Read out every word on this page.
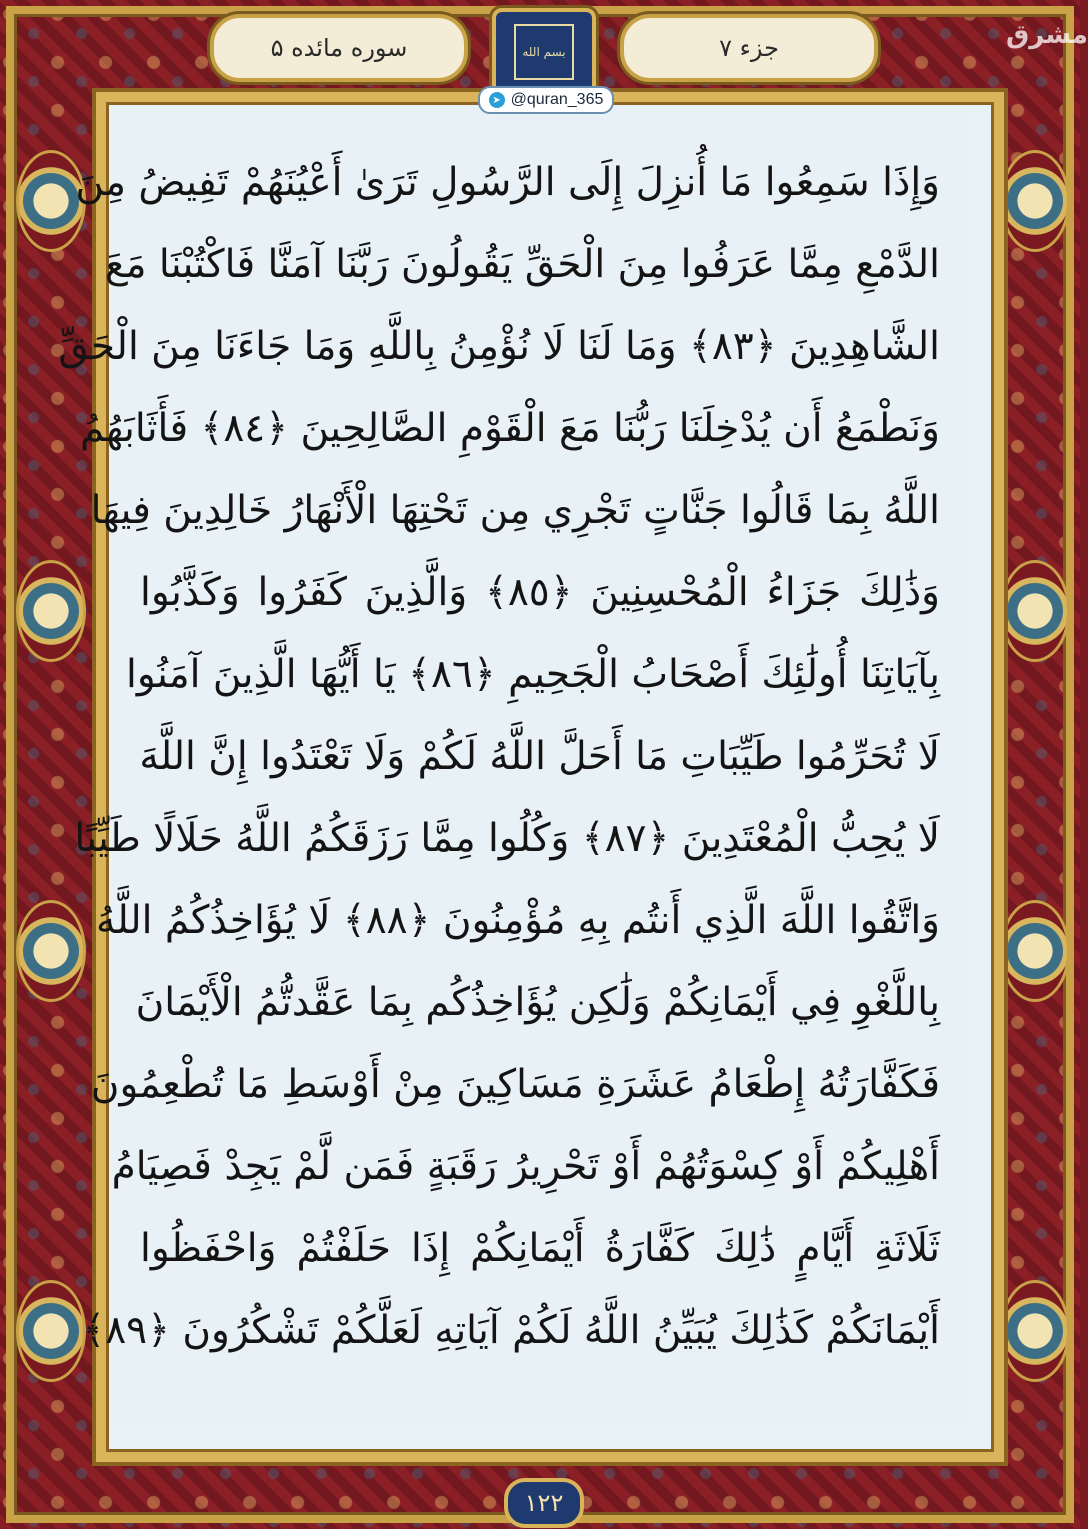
مشرق
سوره مائده ۵	بسم الله	جزء ۷
➤ @quran_365
وَإِذَا سَمِعُوا مَا أُنزِلَ إِلَى الرَّسُولِ تَرَىٰ أَعْيُنَهُمْ تَفِيضُ مِنَ
الدَّمْعِ مِمَّا عَرَفُوا مِنَ الْحَقِّ يَقُولُونَ رَبَّنَا آمَنَّا فَاكْتُبْنَا مَعَ
الشَّاهِدِينَ ﴿٨٣﴾ وَمَا لَنَا لَا نُؤْمِنُ بِاللَّهِ وَمَا جَاءَنَا مِنَ الْحَقِّ
وَنَطْمَعُ أَن يُدْخِلَنَا رَبُّنَا مَعَ الْقَوْمِ الصَّالِحِينَ ﴿٨٤﴾ فَأَثَابَهُمُ
اللَّهُ بِمَا قَالُوا جَنَّاتٍ تَجْرِي مِن تَحْتِهَا الْأَنْهَارُ خَالِدِينَ فِيهَا
وَذَٰلِكَ جَزَاءُ الْمُحْسِنِينَ ﴿٨٥﴾ وَالَّذِينَ كَفَرُوا وَكَذَّبُوا
بِآيَاتِنَا أُولَٰئِكَ أَصْحَابُ الْجَحِيمِ ﴿٨٦﴾ يَا أَيُّهَا الَّذِينَ آمَنُوا
لَا تُحَرِّمُوا طَيِّبَاتِ مَا أَحَلَّ اللَّهُ لَكُمْ وَلَا تَعْتَدُوا إِنَّ اللَّهَ
لَا يُحِبُّ الْمُعْتَدِينَ ﴿٨٧﴾ وَكُلُوا مِمَّا رَزَقَكُمُ اللَّهُ حَلَالًا طَيِّبًا
وَاتَّقُوا اللَّهَ الَّذِي أَنتُم بِهِ مُؤْمِنُونَ ﴿٨٨﴾ لَا يُؤَاخِذُكُمُ اللَّهُ
بِاللَّغْوِ فِي أَيْمَانِكُمْ وَلَٰكِن يُؤَاخِذُكُم بِمَا عَقَّدتُّمُ الْأَيْمَانَ
فَكَفَّارَتُهُ إِطْعَامُ عَشَرَةِ مَسَاكِينَ مِنْ أَوْسَطِ مَا تُطْعِمُونَ
أَهْلِيكُمْ أَوْ كِسْوَتُهُمْ أَوْ تَحْرِيرُ رَقَبَةٍ فَمَن لَّمْ يَجِدْ فَصِيَامُ
ثَلَاثَةِ أَيَّامٍ ذَٰلِكَ كَفَّارَةُ أَيْمَانِكُمْ إِذَا حَلَفْتُمْ وَاحْفَظُوا
أَيْمَانَكُمْ كَذَٰلِكَ يُبَيِّنُ اللَّهُ لَكُمْ آيَاتِهِ لَعَلَّكُمْ تَشْكُرُونَ ﴿٨٩﴾
۱۲۲
